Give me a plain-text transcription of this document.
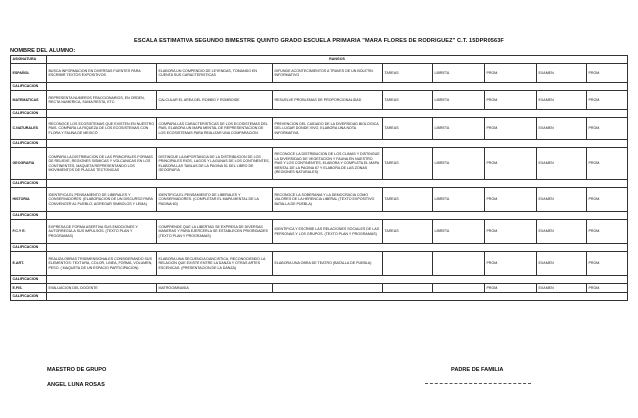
ESCALA ESTIMATIVA SEGUNDO BIMESTRE QUINTO GRADO ESCUELA PRIMARIA "MARA FLORES DE RODRIGUEZ" C.T. 15DPR0563F
NOMBRE DEL ALUMNO:
ASIGNATURA	RANGOS							
ESPAÑOL	BUSCA INFORMACION EN DIVERSAS FUENTES PARA ESCRIBIR TEXTOS EXPOSITIVOS	ELABORA UN COMPENDIO DE LEYENDAS, TOMANDO EN CUENTA SUS CARACTERISTICAS	DIFUNDE ACONTECIMIENTOS A TRAVES DE UN BOLETIN INFORMATIVO	TAREAS	LIBRETA	PROM.	EXAMEN	PROM.
CALIFICACION								
MATEMATICAS	REPRESENTA NUMEROS FRACCIONARIOS, EN ORDEN, RECTA NUMERICA, SUMA RESTA, ETC.	CALCULAR EL AREA DEL ROMBO Y ROMBOIDE	RESUELVE PROBLEMAS DE PROPORCIONALIDAD	TAREAS	LIBRETA	PROM.	EXAMEN	PROM.
CALIFICACION								
C.NATURALES	RECONOCE LOS ECOSISTEMAS QUE EXISTEN EN NUESTRO PAIS. COMPARA LA RIQUEZA DE LOS ECOSISTEMAS CON FLORA Y FAUNA DE MEXICO	COMPARA LAS CARACTERISTICAS DE LOS ECOSISTEMAS DEL PAIS, ELABORA UN MAPA MENTAL DE REPRESENTACION DE LOS ECOSISTEMAS PARA REALIZAR UNA COMPARACION	PREVENCION DEL CUIDADO DE LA DIVERSIDAD BIOLOGICA DEL LUGAR DONDE VIVO, ELABORA UNA NOTA INFORMATIVA	TAREAS	LIBRETA	PROM.	EXAMEN	PROM.
CALIFICACION								
GEOGRAFIA	COMPARA LA DISTRIBUCION DE LAS PRINCIPALES FORMAS DE RELIEVE, REGIONES SISMICAS Y VOLCANICAS EN LOS CONTINENTES, MAQUETA REPRESENTANDO LOS MOVIMIENTOS DE PLACAS TECTONICAS	DISTINGUE LA IMPORTANCIA DE LA DISTRIBUCION DE LOS PRINCIPALES RIOS, LAGOS Y LAGUNAS DE LOS CONTINENTES, ELABORA LAS TABLAS DE LA PAGINA 51 DEL LIBRO DE GEOGRAFIA	RECONOCE LA DISTRIBUCION DE LOS CLIMAS Y DISTINGUE LA DIVERSIDAD DE VEGETACION Y FAUNA EN NUESTRO PAIS Y LOS CONTINENTES, ELABORA Y COMPLETA EL MAPA MENTAL DE LA PAGINA 67 Y ELABORA DE LAS ZONAS (REGIONES NATURALES)	TAREAS	LIBRETA	PROM.	EXAMEN	PROM.
CALIFICACION								
HISTORIA	IDENTIFICA EL PENSAMIENTO DE LIBERALES Y CONSERVADORES. (ELABORACION DE UN DISCURSO PARA CONVENCER AL PUEBLO, AGREGAR SIMBOLOS Y LEMA)	IDENTIFICA EL PENSAMIENTO DE LIBERALES Y CONSERVADORES. (COMPLETAR EL MAPA MENTAL DE LA PAGINA 60)	RECONOCE LA SOBERANIA Y LA DEMOCRACIA COMO VALORES DE LA HERENCIA LIBERAL (TEXTO EXPOSITIVO BATALLA DE PUEBLA)	TAREAS	LIBRETA	PROM.	EXAMEN	PROM.
CALIFICACION								
F.C.Y E.	EXPRESA DE FORMA ASERTIVA SUS EMOCIONES Y AUTORREGULA SUS IMPULSOS. (TEXTO PLAN Y PROGRAMAS)	COMPRENDE QUE LA LIBERTAD SE EXPRESA DE DIVERSAS MANERAS Y PARA EJERCERLA SE ESTABLECEN PRIORIDADES (TEXTO PLAN Y PROGRAMAS)	IDENTIFICA Y ESCRIBE LAS RELACIONES SOCIALES DE LAS PERSONAS Y LOS GRUPOS. (TEXTO PLAN Y PROGRAMAS)	TAREAS	LIBRETA	PROM.	EXAMEN	PROM.
CALIFICACION								
E.ART.	REALIZA OBRAS TRIDIMENSIONALES CONSIDERANDO SUS ELEMENTOS: TEXTURA, COLOR, LINEA, FORMA, VOLUMEN, PESO. ( MAQUETA DE UN ESPACIO PARTICIPACION)	ELABORA UNA SECUENCIA DANCISTICA, RECONOCIENDO LA RELACION QUE EXISTE ENTRE LA DANZA Y OTRAS ARTES ESCENICAS. (PRESENTACION DE LA DANZA)	ELABORA UNA OBRA DE TEATRO (BATALLA DE PUEBLA)			PROM.	EXAMEN	PROM.
CALIFICACION								
E.FIS.	EVALUACION DEL DOCENTE	MATROGIMNASIA				PROM.	EXAMEN	PROM.
CALIFICACION								
MAESTRO DE GRUPO
ANGEL LUNA ROSAS
PADRE DE FAMILIA
